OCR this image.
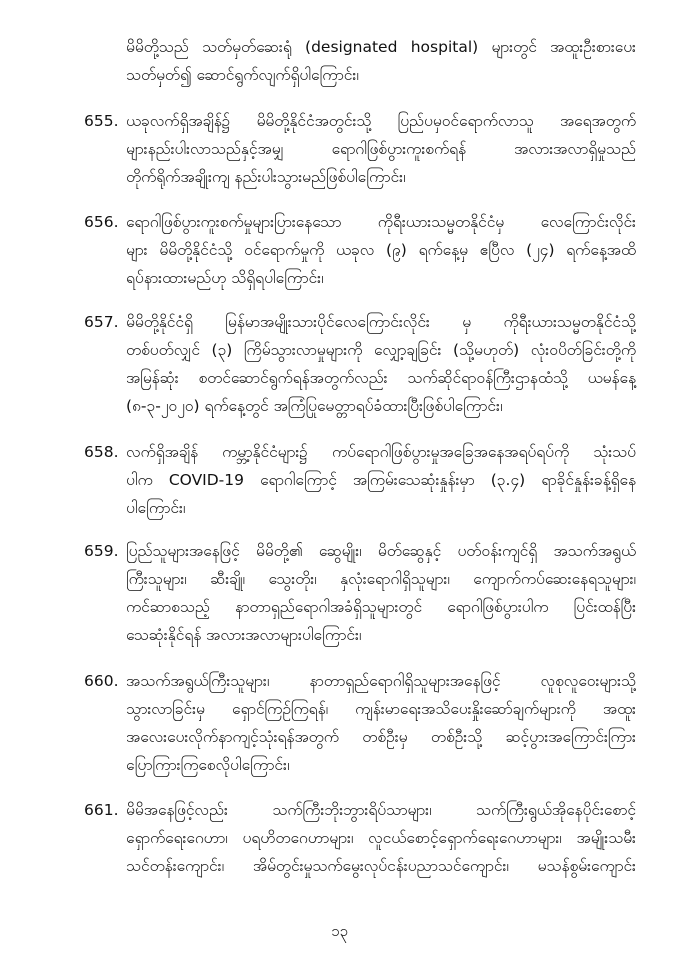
မိမိတို့သည် သတ်မှတ်ဆေးရုံ (designated hospital) များတွင် အထူးဦးစားပေး
သတ်မှတ်၍ ဆောင်ရွက်လျက်ရှိပါကြောင်း၊
655. ယခုလက်ရှိအချိန်၌ မိမိတို့နိုင်ငံအတွင်းသို့ ပြည်ပမှဝင်ရောက်လာသူ အရေအတွက်
များနည်းပါးလာသည်နှင့်အမျှ ရောဂါဖြစ်ပွားကူးစက်ရန် အလားအလာရှိမှုသည်
တိုက်ရိုက်အချိုးကျ နည်းပါးသွားမည်ဖြစ်ပါကြောင်း၊
656. ရောဂါဖြစ်ပွားကူးစက်မှုများပြားနေသော ကိုရီးယားသမ္မတနိုင်ငံမှ လေကြောင်းလိုင်း
များ မိမိတို့နိုင်ငံသို့ ဝင်ရောက်မှုကို ယခုလ (၉) ရက်နေ့မှ ဧပြီလ (၂၄) ရက်နေ့အထိ
ရပ်နားထားမည်ဟု သိရှိရပါကြောင်း၊
657. မိမိတို့နိုင်ငံရှိ မြန်မာအမျိုးသားပိုင်လေကြောင်းလိုင်း မှ ကိုရီးယားသမ္မတနိုင်ငံသို့
တစ်ပတ်လျှင် (၃) ကြိမ်သွားလာမှုများကို လျှော့ချခြင်း (သို့မဟုတ်) လုံးဝပိတ်ခြင်းတို့ကို
အမြန်ဆုံး စတင်ဆောင်ရွက်ရန်အတွက်လည်း သက်ဆိုင်ရာဝန်ကြီးဌာနထံသို့ ယမန်နေ့
(၈-၃-၂၀၂၀) ရက်နေ့တွင် အကြံပြုမေတ္တာရပ်ခံထားပြီးဖြစ်ပါကြောင်း၊
658. လက်ရှိအချိန် ကမ္ဘာ့နိုင်ငံများ၌ ကပ်ရောဂါဖြစ်ပွားမှုအခြေအနေအရပ်ရပ်ကို သုံးသပ်
ပါက COVID-19 ရောဂါကြောင့် အကြမ်းသေဆုံးနှုန်းမှာ (၃.၄) ရာခိုင်နှုန်းခန့်ရှိနေ
ပါကြောင်း၊
659. ပြည်သူများအနေဖြင့် မိမိတို့၏ ဆွေမျိုး၊ မိတ်ဆွေနှင့် ပတ်ဝန်းကျင်ရှိ အသက်အရွယ်
ကြီးသူများ၊ ဆီးချို၊ သွေးတိုး၊ နှလုံးရောဂါရှိသူများ၊ ကျောက်ကပ်ဆေးနေရသူများ၊
ကင်ဆာစသည့် နာတာရှည်ရောဂါအခံရှိသူများတွင် ရောဂါဖြစ်ပွားပါက ပြင်းထန်ပြီး
သေဆုံးနိုင်ရန် အလားအလာများပါကြောင်း၊
660. အသက်အရွယ်ကြီးသူများ၊ နာတာရှည်ရောဂါရှိသူများအနေဖြင့် လူစုလူဝေးများသို့
သွားလာခြင်းမှ ရှောင်ကြဉ်ကြရန်၊ ကျန်းမာရေးအသိပေးနှိုးဆော်ချက်များကို အထူး
အလေးပေးလိုက်နာကျင့်သုံးရန်အတွက် တစ်ဦးမှ တစ်ဦးသို့ ဆင့်ပွားအကြောင်းကြား
ပြောကြားကြစေလိုပါကြောင်း၊
661. မိမိအနေဖြင့်လည်း သက်ကြီးဘိုးဘွားရိပ်သာများ၊ သက်ကြီးရွယ်အိုနေပိုင်းစောင့်
ရှောက်ရေးဂေဟာ၊ ပရဟိတဂေဟာများ၊ လူငယ်စောင့်ရှောက်ရေးဂေဟာများ၊ အမျိုးသမီး
သင်တန်းကျောင်း၊ အိမ်တွင်းမှုသက်မွေးလုပ်ငန်းပညာသင်ကျောင်း၊ မသန်စွမ်းကျောင်း
၁၃
